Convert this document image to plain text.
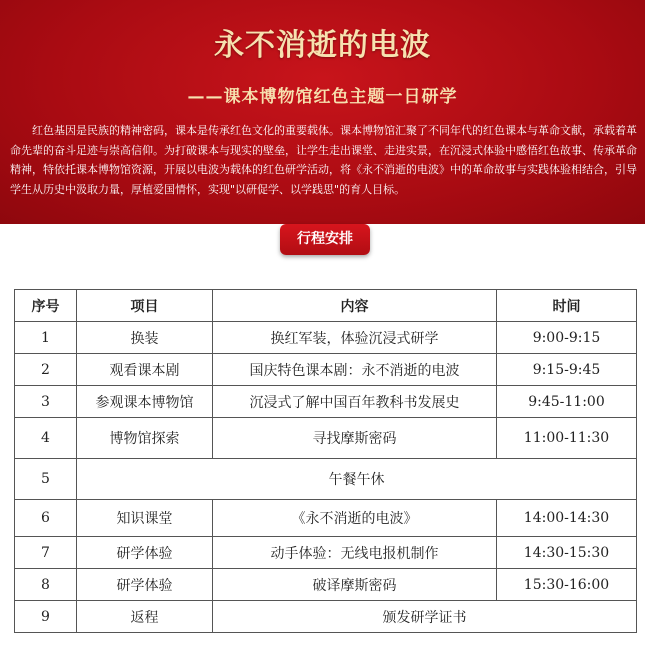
永不消逝的电波
——课本博物馆红色主题一日研学
红色基因是民族的精神密码，课本是传承红色文化的重要载体。课本博物馆汇聚了不同年代的红色课本与革命文献，承载着革命先辈的奋斗足迹与崇高信仰。为打破课本与现实的壁垒，让学生走出课堂、走进实景，在沉浸式体验中感悟红色故事、传承革命精神，特依托课本博物馆资源，开展以电波为载体的红色研学活动，将《永不消逝的电波》中的革命故事与实践体验相结合，引导学生从历史中汲取力量，厚植爱国情怀，实现"以研促学、以学践思"的育人目标。
行程安排
序号	项目	内容	时间
1	换装	换红军装，体验沉浸式研学	9:00-9:15
2	观看课本剧	国庆特色课本剧：永不消逝的电波	9:15-9:45
3	参观课本博物馆	沉浸式了解中国百年教科书发展史	9:45-11:00
4	博物馆探索	寻找摩斯密码	11:00-11:30
5	午餐午休		
6	知识课堂	《永不消逝的电波》	14:00-14:30
7	研学体验	动手体验：无线电报机制作	14:30-15:30
8	研学体验	破译摩斯密码	15:30-16:00
9	返程	颁发研学证书	
